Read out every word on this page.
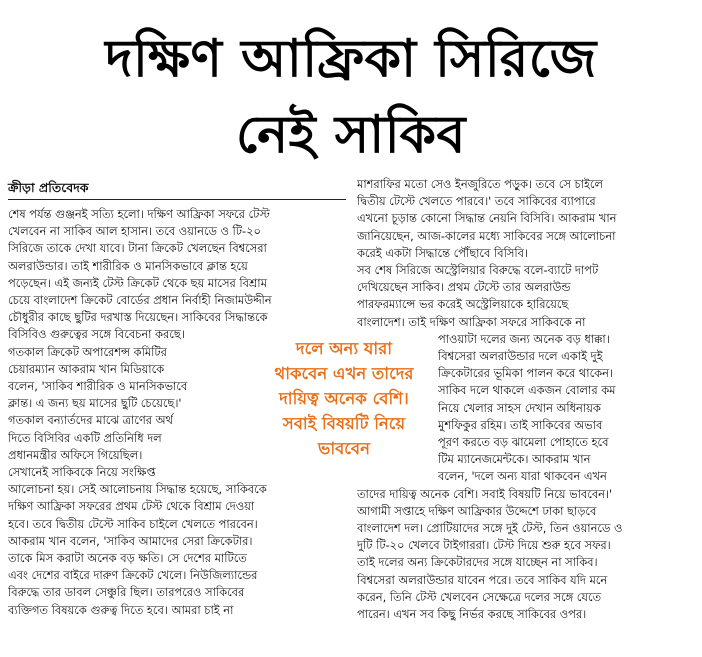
দক্ষিণ আফ্রিকা সিরিজে
নেই সাকিব
ক্রীড়া প্রতিবেদক
শেষ পর্যন্ত গুঞ্জনই সত্যি হলো। দক্ষিণ আফ্রিকা সফরে টেস্ট
খেলবেন না সাকিব আল হাসান। তবে ওয়ানডে ও টি-২০
সিরিজে তাকে দেখা যাবে। টানা ক্রিকেট খেলছেন বিশ্বসেরা
অলরাউন্ডার। তাই শারীরিক ও মানসিকভাবে ক্লান্ত হয়ে
পড়েছেন। এই জন্যই টেস্ট ক্রিকেট থেকে ছয় মাসের বিশ্রাম
চেয়ে বাংলাদেশ ক্রিকেট বোর্ডের প্রধান নির্বাহী নিজামউদ্দীন
চৌধুরীর কাছে ছুটির দরখাস্ত দিয়েছেন। সাকিবের সিদ্ধান্তকে
বিসিবিও গুরুত্বের সঙ্গে বিবেচনা করছে।
গতকাল ক্রিকেট অপারেশন্স কমিটির
চেয়ারম্যান আকরাম খান মিডিয়াকে
বলেন, 'সাকিব শারীরিক ও মানসিকভাবে
ক্লান্ত। এ জন্য ছয় মাসের ছুটি চেয়েছে।'
গতকাল বন্যার্তদের মাঝে ত্রাণের অর্থ
দিতে বিসিবির একটি প্রতিনিধি দল
প্রধানমন্ত্রীর অফিসে গিয়েছিল।
সেখানেই সাকিবকে নিয়ে সংক্ষিপ্ত
আলোচনা হয়। সেই আলোচনায় সিদ্ধান্ত হয়েছে, সাকিবকে
দক্ষিণ আফ্রিকা সফরের প্রথম টেস্ট থেকে বিশ্রাম দেওয়া
হবে। তবে দ্বিতীয় টেস্টে সাকিব চাইলে খেলতে পারবেন।
আকরাম খান বলেন, 'সাকিব আমাদের সেরা ক্রিকেটার।
তাকে মিস করাটা অনেক বড় ক্ষতি। সে দেশের মাটিতে
এবং দেশের বাইরে দারুণ ক্রিকেট খেলে। নিউজিল্যান্ডের
বিরুদ্ধে তার ডাবল সেঞ্চুরি ছিল। তারপরেও সাকিবের
ব্যক্তিগত বিষয়কে গুরুত্ব দিতে হবে। আমরা চাই না
মাশরাফির মতো সেও ইনজুরিতে পড়ুক। তবে সে চাইলে
দ্বিতীয় টেস্টে খেলতে পারবে।' তবে সাকিবের ব্যাপারে
এখনো চূড়ান্ত কোনো সিদ্ধান্ত নেয়নি বিসিবি। আকরাম খান
জানিয়েছেন, আজ-কালের মধ্যে সাকিবের সঙ্গে আলোচনা
করেই একটা সিদ্ধান্তে পৌঁছাবে বিসিবি।
সব শেষ সিরিজে অস্ট্রেলিয়ার বিরুদ্ধে বলে-ব্যাটে দাপট
দেখিয়েছেন সাকিব। প্রথম টেস্টে তার অলরাউন্ড
পারফরম্যান্সে ভর করেই অস্ট্রেলিয়াকে হারিয়েছে
বাংলাদেশ। তাই দক্ষিণ আফ্রিকা সফরে সাকিবকে না
পাওয়াটা দলের জন্য অনেক বড় ধাক্কা।
বিশ্বসেরা অলরাউন্ডার দলে একাই দুই
ক্রিকেটারের ভূমিকা পালন করে থাকেন।
সাকিব দলে থাকলে একজন বোলার কম
নিয়ে খেলার সাহস দেখান অধিনায়ক
মুশফিকুর রহিম। তাই সাকিবের অভাব
পূরণ করতে বড় ঝামেলা পোহাতে হবে
টিম ম্যানেজমেন্টকে। আকরাম খান
বলেন, 'দলে অন্য যারা থাকবেন এখন
তাদের দায়িত্ব অনেক বেশি। সবাই বিষয়টি নিয়ে ভাববেন।'
আগামী সপ্তাহে দক্ষিণ আফ্রিকার উদ্দেশে ঢাকা ছাড়বে
বাংলাদেশ দল। প্রোটিয়াদের সঙ্গে দুই টেস্ট, তিন ওয়ানডে ও
দুটি টি-২০ খেলবে টাইগাররা। টেস্ট দিয়ে শুরু হবে সফর।
তাই দলের অন্য ক্রিকেটারদের সঙ্গে যাচ্ছেন না সাকিব।
বিশ্বসেরা অলরাউন্ডার যাবেন পরে। তবে সাকিব যদি মনে
করেন, তিনি টেস্ট খেলবেন সেক্ষেত্রে দলের সঙ্গে যেতে
পারেন। এখন সব কিছু নির্ভর করছে সাকিবের ওপর।
দলে অন্য যারা
থাকবেন এখন তাদের
দায়িত্ব অনেক বেশি।
সবাই বিষয়টি নিয়ে
ভাববেন
